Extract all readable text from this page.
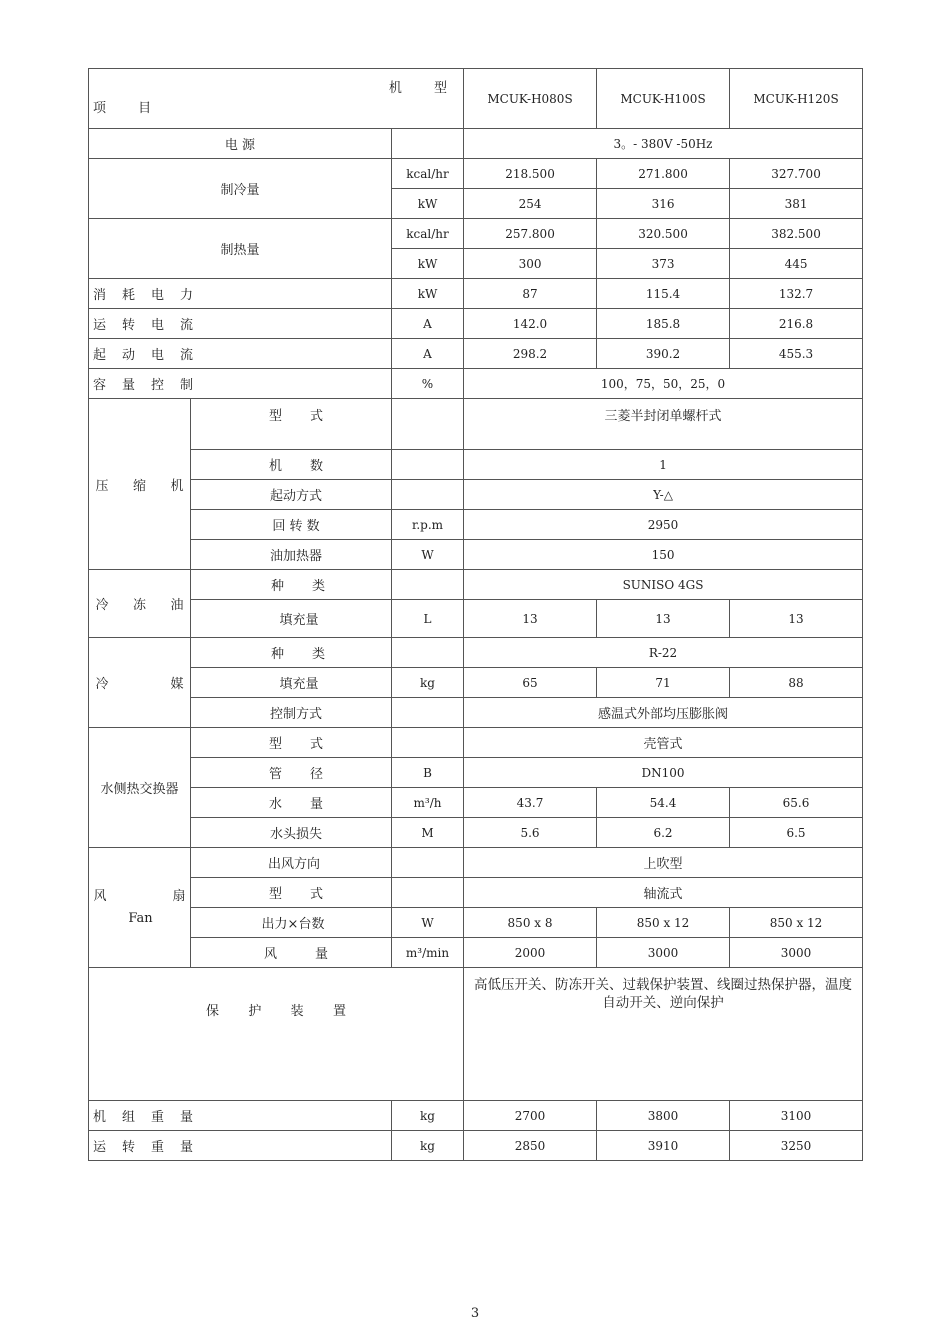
机 型
项 目			MCUK-H080S	MCUK-H100S	MCUK-H120S
电 源			3。- 380V -50Hz		
制冷量		kcal/hr	218.500	271.800	327.700
		kW	254	316	381
制热量		kcal/hr	257.800	320.500	382.500
		kW	300	373	445
消耗电力		kW	87	115.4	132.7
运转电流		A	142.0	185.8	216.8
起动电流		A	298.2	390.2	455.3
容量控制		%	100，75，50，25，0		
压缩机	型 式		三菱半封闭单螺杆式		
	机 数		1		
	起动方式		Y-△		
	回 转 数	r.p.m	2950		
	油加热器	W	150		
冷冻油	种 类		SUNISO 4GS		
	填充量	L	13	13	13
冷媒	种 类		R-22		
	填充量	kg	65	71	88
	控制方式		感温式外部均压膨胀阀		
水侧热交换器	型 式		壳管式		
	管 径	B	DN100		
	水 量	m³/h	43.7	54.4	65.6
	水头损失	M	5.6	6.2	6.5

风 扇
Fan	出风方向		上吹型		
	型 式		轴流式		
	出力×台数	W	850 x 8	850 x 12	850 x 12
	风 量	m³/min	2000	3000	3000
保 护 装 置			高低压开关、防冻开关、过载保护装置、线圈过热保护器，温度自动开关、逆向保护		
机组重量		kg	2700	3800	3100
运转重量		kg	2850	3910	3250
3
